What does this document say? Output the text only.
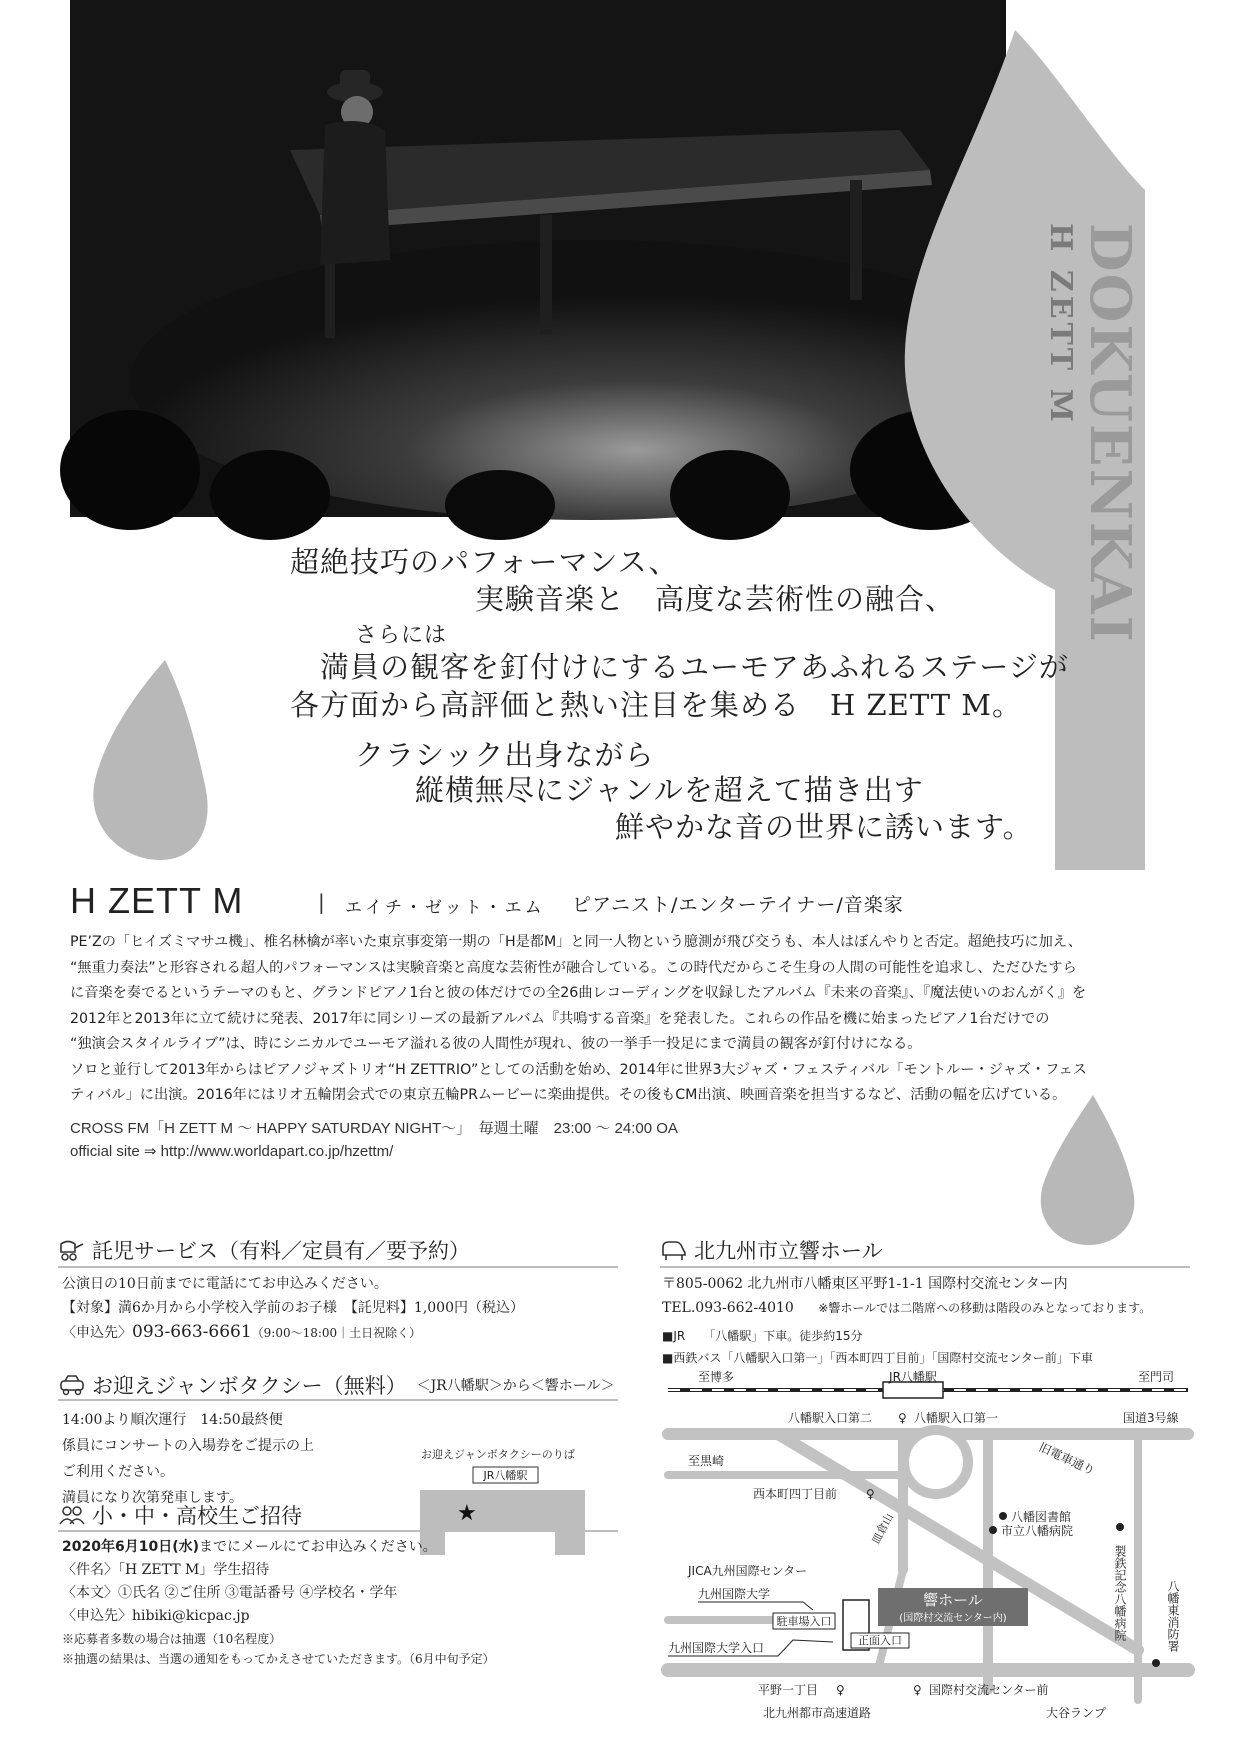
H ZETT M DOKUENKAI
超絶技巧のパフォーマンス、
実験音楽と　高度な芸術性の融合、
さらには
満員の観客を釘付けにするユーモアあふれるステージが
各方面から高評価と熱い注目を集める　H ZETT M。
クラシック出身ながら
縦横無尽にジャンルを超えて描き出す
鮮やかな音の世界に誘います。
H ZETT M	| エイチ・ゼット・エム ピアニスト/エンターテイナー/音楽家

PE’Zの「ヒイズミマサユ機」、椎名林檎が率いた東京事変第一期の「H是都M」と同一人物という臆測が飛び交うも、本人はぼんやりと否定。超絶技巧に加え、

“無重力奏法”と形容される超人的パフォーマンスは実験音楽と高度な芸術性が融合している。この時代だからこそ生身の人間の可能性を追求し、ただひたすら

に音楽を奏でるというテーマのもと、グランドピアノ1台と彼の体だけでの全26曲レコーディングを収録したアルバム『未来の音楽』、『魔法使いのおんがく』を

2012年と2013年に立て続けに発表、2017年に同シリーズの最新アルバム『共鳴する音楽』を発表した。これらの作品を機に始まったピアノ1台だけでの

“独演会スタイルライブ”は、時にシニカルでユーモア溢れる彼の人間性が現れ、彼の一挙手一投足にまで満員の観客が釘付けになる。

ソロと並行して2013年からはピアノジャズトリオ“H ZETTRIO”としての活動を始め、2014年に世界3大ジャズ・フェスティバル「モントルー・ジャズ・フェス

ティバル」に出演。2016年にはリオ五輪閉会式での東京五輪PRムービーに楽曲提供。その後もCM出演、映画音楽を担当するなど、活動の幅を広げている。

CROSS FM「H ZETT M ～ HAPPY SATURDAY NIGHT～」　毎週土曜　23:00 ～ 24:00 OA
official site ⇒ http://www.worldapart.co.jp/hzettm/
託児サービス（有料／定員有／要予約）
公演日の10日前までに電話にてお申込みください。
【対象】満6か月から小学校入学前のお子様　【託児料】1,000円（税込）
〈申込先〉093-663-6661（9:00～18:00｜土日祝除く）
お迎えジャンボタクシー（無料） ＜JR八幡駅＞から＜響ホール＞
14:00より順次運行　14:50最終便
係員にコンサートの入場券をご提示の上
ご利用ください。
満員になり次第発車します。
お迎えジャンボタクシーのりば
JR八幡駅
★
小・中・高校生ご招待
2020年6月10日(水)までにメールにてお申込みください。
〈件名〉「H ZETT M」学生招待
〈本文〉①氏名 ②ご住所 ③電話番号 ④学校名・学年
〈申込先〉hibiki@kicpac.jp
※応募者多数の場合は抽選（10名程度）
※抽選の結果は、当選の通知をもってかえさせていただきます。（6月中旬予定）
北九州市立響ホール
〒805-0062 北九州市八幡東区平野1-1-1 国際村交流センター内
TEL.093-662-4010 ※響ホールでは二階席への移動は階段のみとなっております。
■JR　　「八幡駅」下車。徒歩約15分
■西鉄バス「八幡駅入口第一」「西本町四丁目前」「国際村交流センター前」下車
JR八幡駅
至博多	至門司
八幡駅入口第二 ♀ 八幡駅入口第一	国道3号線
至黒崎	旧電車通り
西本町四丁目前 ♀
八幡図書館
市立八幡病院
製鉄記念八幡病院	八幡東消防署
JICA九州国際センター
九州国際大学
皿倉山
駐車場入口
響ホール
(国際村交流センター内)
正面入口
九州国際大学入口
平野一丁目 ♀	♀ 国際村交流センター前
北九州都市高速道路	大谷ランプ
